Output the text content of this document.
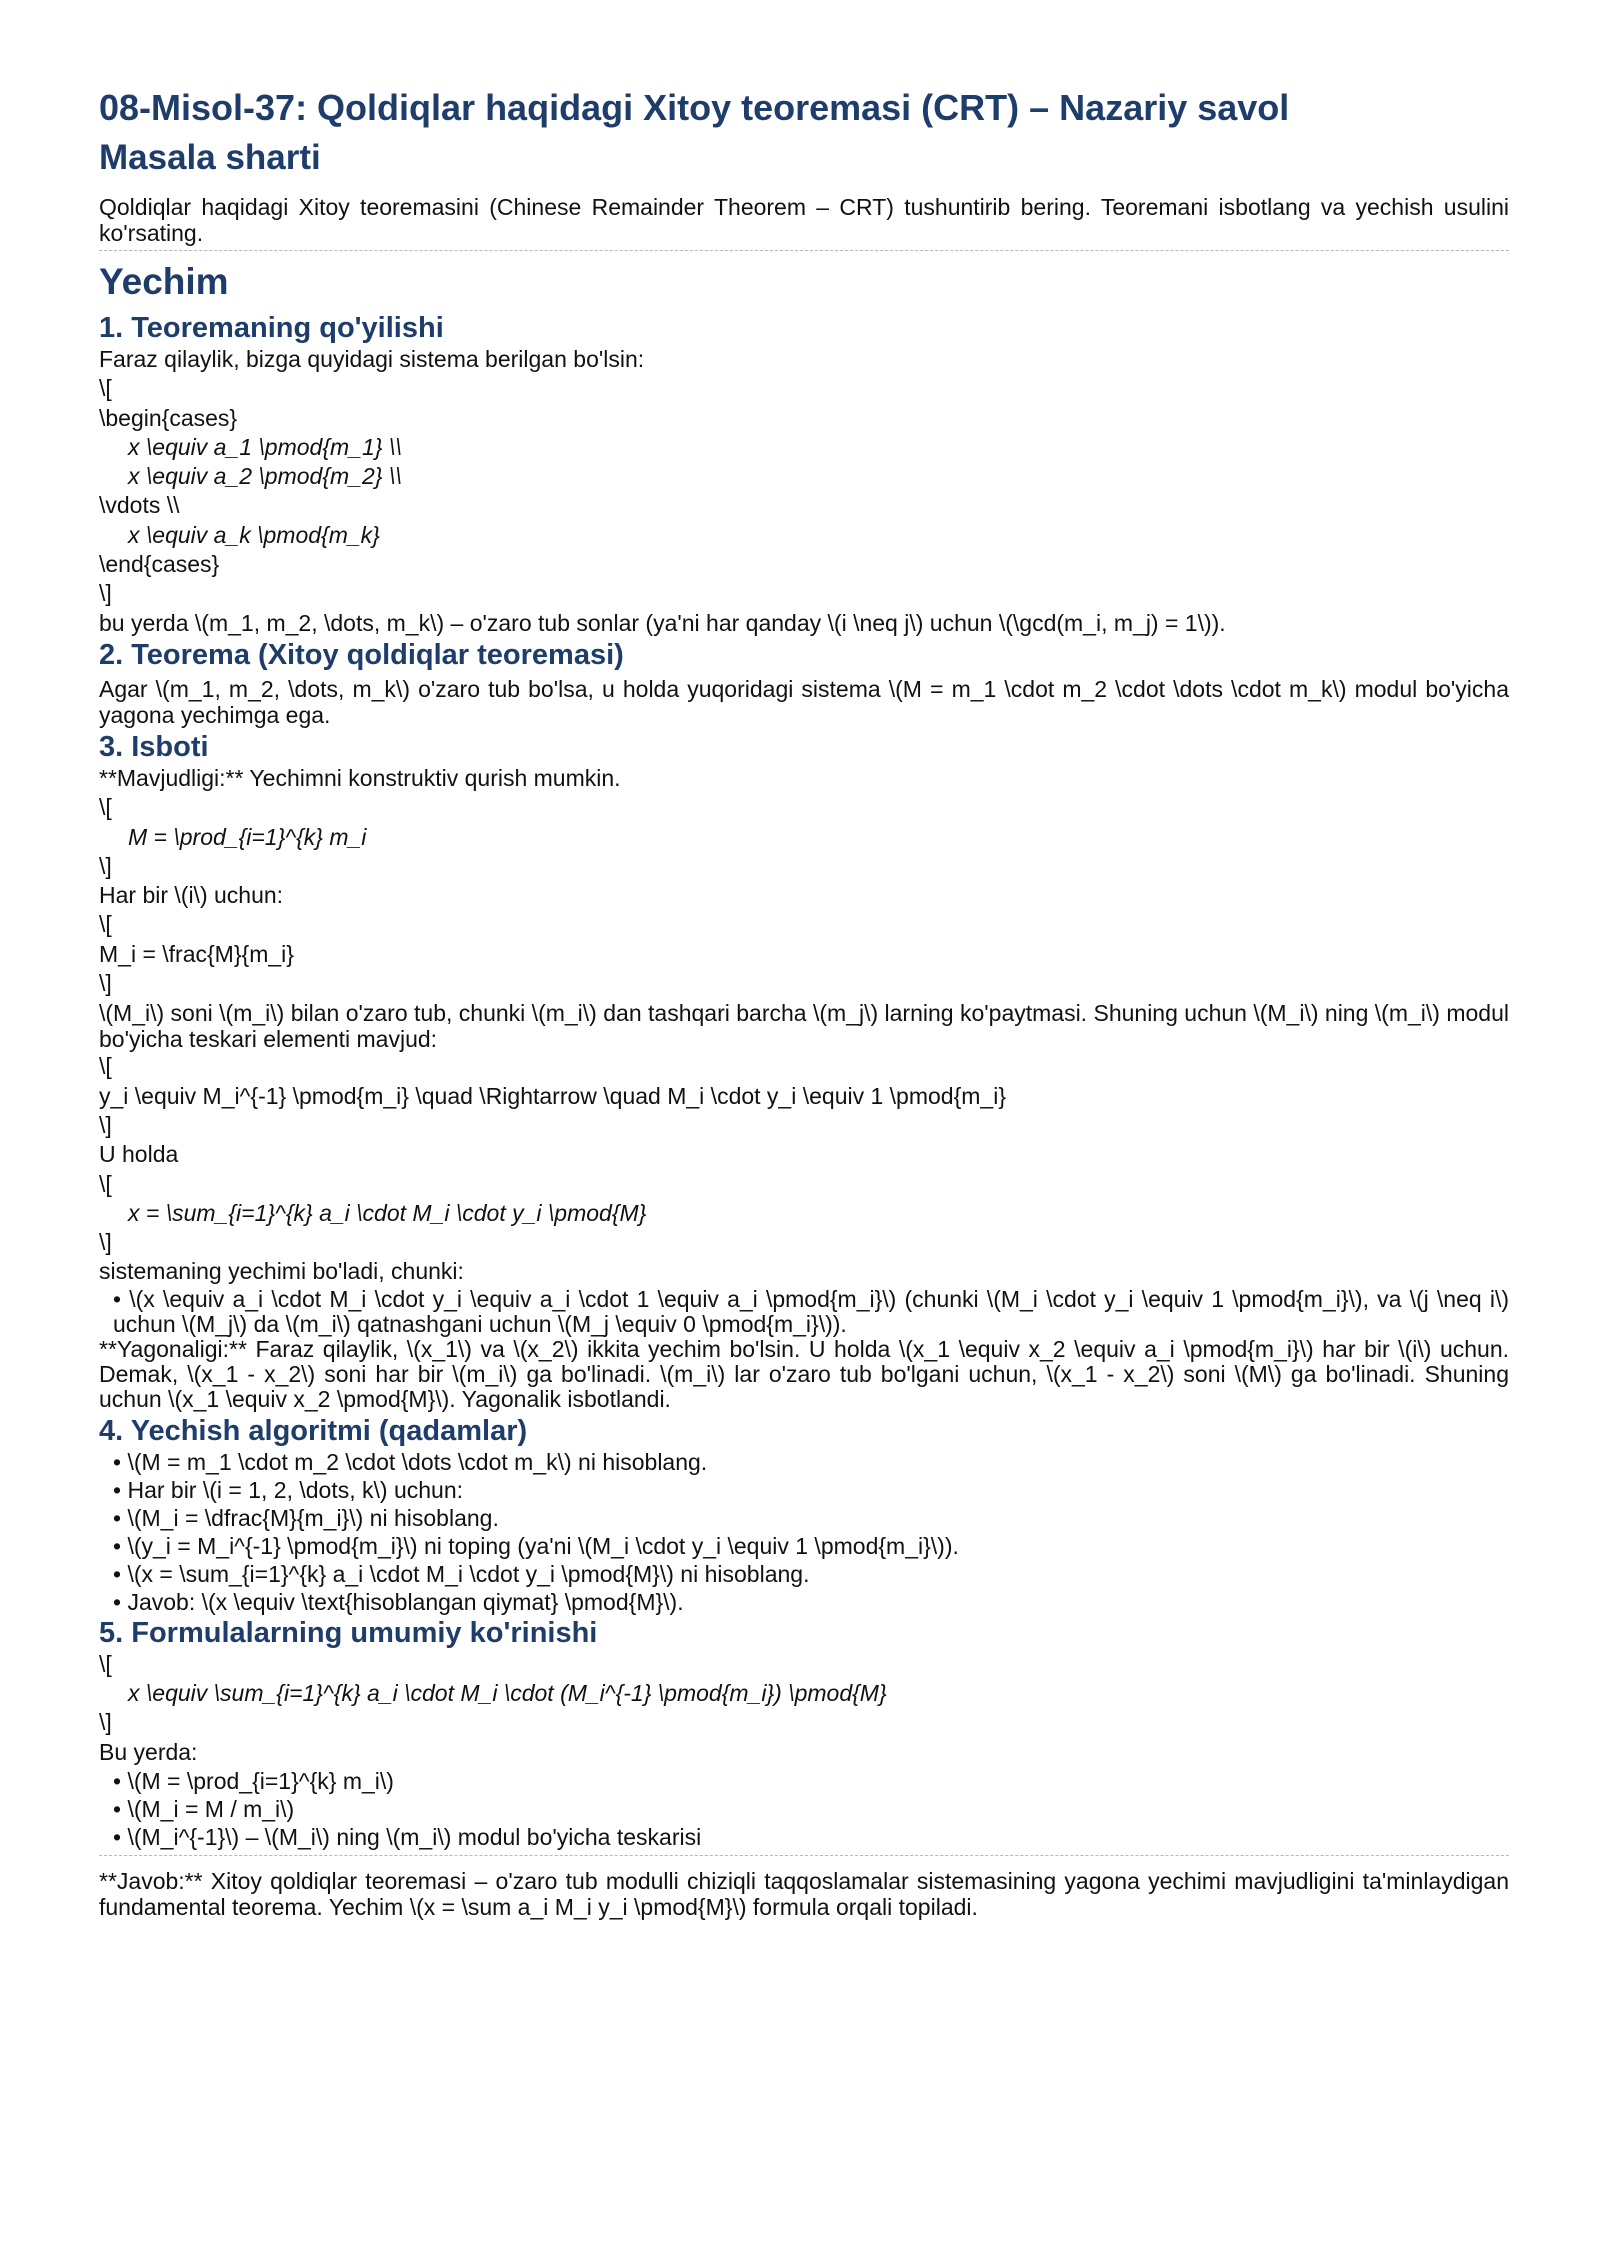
08-Misol-37: Qoldiqlar haqidagi Xitoy teoremasi (CRT) – Nazariy savol
Masala sharti

Qoldiqlar haqidagi Xitoy teoremasini (Chinese Remainder Theorem – CRT) tushuntirib bering. Teoremani isbotlang va yechish usulini ko'rsating.

Yechim
1. Teoremaning qo'yilishi
Faraz qilaylik, bizga quyidagi sistema berilgan bo'lsin:
\[
\begin{cases}
x \equiv a_1 \pmod{m_1} \\
x \equiv a_2 \pmod{m_2} \\
\vdots \\
x \equiv a_k \pmod{m_k}
\end{cases}
\]
bu yerda \(m_1, m_2, \dots, m_k\) – o'zaro tub sonlar (ya'ni har qanday \(i \neq j\) uchun \(\gcd(m_i, m_j) = 1\)).
2. Teorema (Xitoy qoldiqlar teoremasi)

Agar \(m_1, m_2, \dots, m_k\) o'zaro tub bo'lsa, u holda yuqoridagi sistema \(M = m_1 \cdot m_2 \cdot \dots \cdot m_k\) modul bo'yicha yagona yechimga ega.

3. Isboti
**Mavjudligi:** Yechimni konstruktiv qurish mumkin.
\[
M = \prod_{i=1}^{k} m_i
\]
Har bir \(i\) uchun:
\[
M_i = \frac{M}{m_i}
\]

\(M_i\) soni \(m_i\) bilan o'zaro tub, chunki \(m_i\) dan tashqari barcha \(m_j\) larning ko'paytmasi. Shuning uchun \(M_i\) ning \(m_i\) modul bo'yicha teskari elementi mavjud:

\[
y_i \equiv M_i^{-1} \pmod{m_i} \quad \Rightarrow \quad M_i \cdot y_i \equiv 1 \pmod{m_i}
\]
U holda
\[
x = \sum_{i=1}^{k} a_i \cdot M_i \cdot y_i \pmod{M}
\]
sistemaning yechimi bo'ladi, chunki:
• \(x \equiv a_i \cdot M_i \cdot y_i \equiv a_i \cdot 1 \equiv a_i \pmod{m_i}\) (chunki \(M_i \cdot y_i \equiv 1 \pmod{m_i}\), va \(j \neq i\) uchun \(M_j\) da \(m_i\) qatnashgani uchun \(M_j \equiv 0 \pmod{m_i}\)).

**Yagonaligi:** Faraz qilaylik, \(x_1\) va \(x_2\) ikkita yechim bo'lsin. U holda \(x_1 \equiv x_2 \equiv a_i \pmod{m_i}\) har bir \(i\) uchun. Demak, \(x_1 - x_2\) soni har bir \(m_i\) ga bo'linadi. \(m_i\) lar o'zaro tub bo'lgani uchun, \(x_1 - x_2\) soni \(M\) ga bo'linadi. Shuning uchun \(x_1 \equiv x_2 \pmod{M}\). Yagonalik isbotlandi.

4. Yechish algoritmi (qadamlar)
• \(M = m_1 \cdot m_2 \cdot \dots \cdot m_k\) ni hisoblang.
• Har bir \(i = 1, 2, \dots, k\) uchun:
• \(M_i = \dfrac{M}{m_i}\) ni hisoblang.
• \(y_i = M_i^{-1} \pmod{m_i}\) ni toping (ya'ni \(M_i \cdot y_i \equiv 1 \pmod{m_i}\)).
• \(x = \sum_{i=1}^{k} a_i \cdot M_i \cdot y_i \pmod{M}\) ni hisoblang.
• Javob: \(x \equiv \text{hisoblangan qiymat} \pmod{M}\).
5. Formulalarning umumiy ko'rinishi
\[
x \equiv \sum_{i=1}^{k} a_i \cdot M_i \cdot (M_i^{-1} \pmod{m_i}) \pmod{M}
\]
Bu yerda:
• \(M = \prod_{i=1}^{k} m_i\)
• \(M_i = M / m_i\)
• \(M_i^{-1}\) – \(M_i\) ning \(m_i\) modul bo'yicha teskarisi

**Javob:** Xitoy qoldiqlar teoremasi – o'zaro tub modulli chiziqli taqqoslamalar sistemasining yagona yechimi mavjudligini ta'minlaydigan fundamental teorema. Yechim \(x = \sum a_i M_i y_i \pmod{M}\) formula orqali topiladi.
